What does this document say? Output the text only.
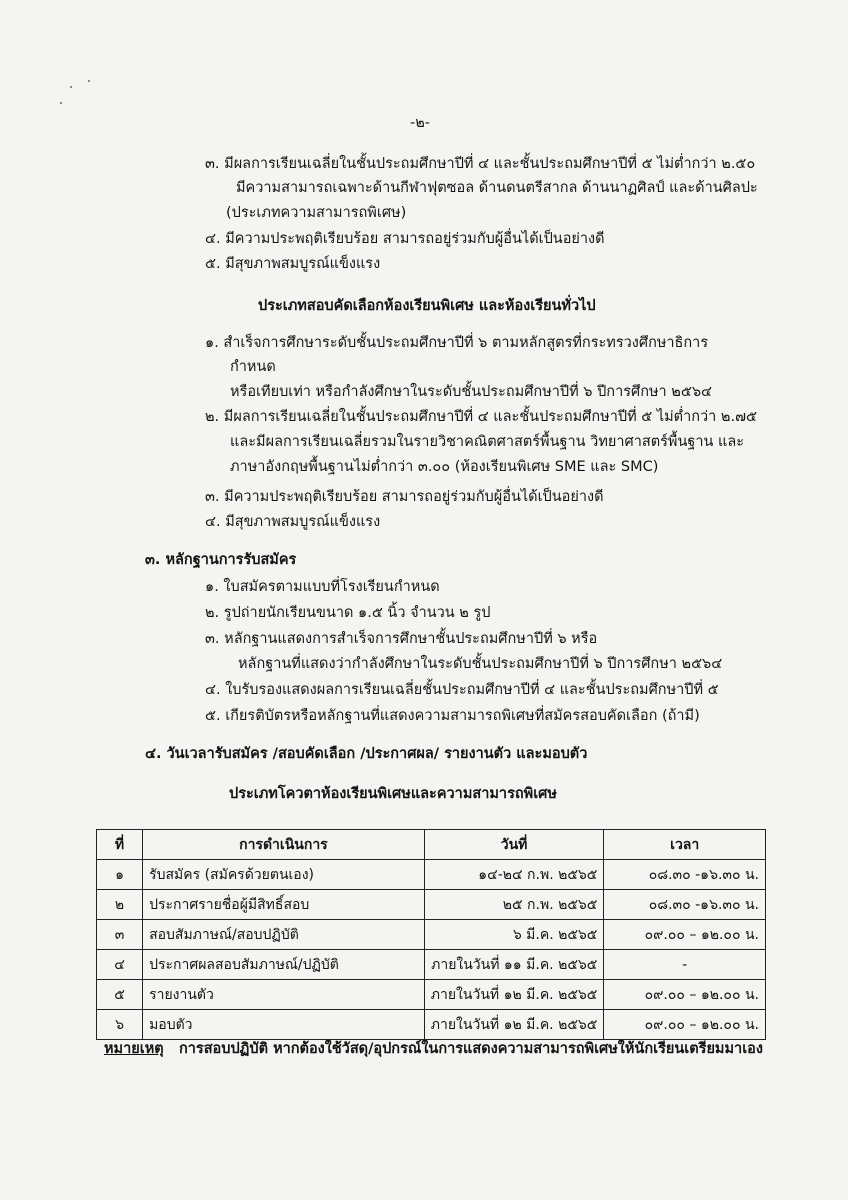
-๒-
๓. มีผลการเรียนเฉลี่ยในชั้นประถมศึกษาปีที่ ๔ และชั้นประถมศึกษาปีที่ ๕ ไม่ต่ำกว่า ๒.๕๐
มีความสามารถเฉพาะด้านกีฬาฟุตซอล ด้านดนตรีสากล ด้านนาฏศิลป์ และด้านศิลปะ
(ประเภทความสามารถพิเศษ)
๔. มีความประพฤติเรียบร้อย สามารถอยู่ร่วมกับผู้อื่นได้เป็นอย่างดี
๕. มีสุขภาพสมบูรณ์แข็งแรง
ประเภทสอบคัดเลือกห้องเรียนพิเศษ และห้องเรียนทั่วไป
๑. สำเร็จการศึกษาระดับชั้นประถมศึกษาปีที่ ๖ ตามหลักสูตรที่กระทรวงศึกษาธิการ
กำหนด
หรือเทียบเท่า หรือกำลังศึกษาในระดับชั้นประถมศึกษาปีที่ ๖ ปีการศึกษา ๒๕๖๔
๒. มีผลการเรียนเฉลี่ยในชั้นประถมศึกษาปีที่ ๔ และชั้นประถมศึกษาปีที่ ๕ ไม่ต่ำกว่า ๒.๗๕
และมีผลการเรียนเฉลี่ยรวมในรายวิชาคณิตศาสตร์พื้นฐาน วิทยาศาสตร์พื้นฐาน และ
ภาษาอังกฤษพื้นฐานไม่ต่ำกว่า ๓.๐๐ (ห้องเรียนพิเศษ SME และ SMC)
๓. มีความประพฤติเรียบร้อย สามารถอยู่ร่วมกับผู้อื่นได้เป็นอย่างดี
๔. มีสุขภาพสมบูรณ์แข็งแรง
๓. หลักฐานการรับสมัคร
๑. ใบสมัครตามแบบที่โรงเรียนกำหนด
๒. รูปถ่ายนักเรียนขนาด ๑.๕ นิ้ว จำนวน ๒ รูป
๓. หลักฐานแสดงการสำเร็จการศึกษาชั้นประถมศึกษาปีที่ ๖ หรือ
หลักฐานที่แสดงว่ากำลังศึกษาในระดับชั้นประถมศึกษาปีที่ ๖ ปีการศึกษา ๒๕๖๔
๔. ใบรับรองแสดงผลการเรียนเฉลี่ยชั้นประถมศึกษาปีที่ ๔ และชั้นประถมศึกษาปีที่ ๕
๕. เกียรติบัตรหรือหลักฐานที่แสดงความสามารถพิเศษที่สมัครสอบคัดเลือก (ถ้ามี)
๔. วันเวลารับสมัคร /สอบคัดเลือก /ประกาศผล/ รายงานตัว และมอบตัว
ประเภทโควตาห้องเรียนพิเศษและความสามารถพิเศษ
ที่	การดำเนินการ	วันที่	เวลา
๑	รับสมัคร (สมัครด้วยตนเอง)	๑๔-๒๔ ก.พ. ๒๕๖๕	๐๘.๓๐ -๑๖.๓๐ น.
๒	ประกาศรายชื่อผู้มีสิทธิ์สอบ	๒๕ ก.พ. ๒๕๖๕	๐๘.๓๐ -๑๖.๓๐ น.
๓	สอบสัมภาษณ์/สอบปฏิบัติ	๖ มี.ค. ๒๕๖๕	๐๙.๐๐ – ๑๒.๐๐ น.
๔	ประกาศผลสอบสัมภาษณ์/ปฏิบัติ	ภายในวันที่ ๑๑ มี.ค. ๒๕๖๕	-
๕	รายงานตัว	ภายในวันที่ ๑๒ มี.ค. ๒๕๖๕	๐๙.๐๐ – ๑๒.๐๐ น.
๖	มอบตัว	ภายในวันที่ ๑๒ มี.ค. ๒๕๖๕	๐๙.๐๐ – ๑๒.๐๐ น.
หมายเหตุ การสอบปฏิบัติ หากต้องใช้วัสดุ/อุปกรณ์ในการแสดงความสามารถพิเศษให้นักเรียนเตรียมมาเอง
